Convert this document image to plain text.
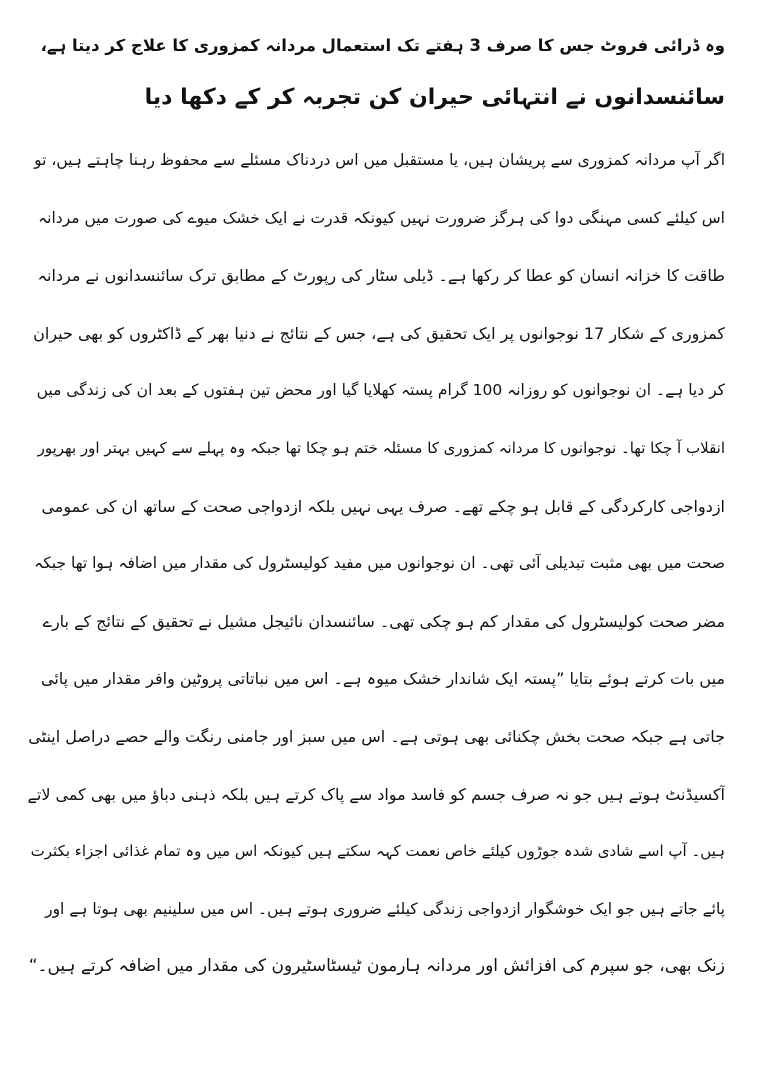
وہ ڈرائی فروٹ جس کا صرف 3 ہفتے تک استعمال مردانہ کمزوری کا علاج کر دیتا ہے،
سائنسدانوں نے انتہائی حیران کن تجربہ کر کے دکھا دیا
اگر آپ مردانہ کمزوری سے پریشان ہیں، یا مستقبل میں اس دردناک مسئلے سے محفوظ رہنا چاہتے ہیں، تو
اس کیلئے کسی مہنگی دوا کی ہرگز ضرورت نہیں کیونکہ قدرت نے ایک خشک میوے کی صورت میں مردانہ
طاقت کا خزانہ انسان کو عطا کر رکھا ہے۔ ڈیلی سٹار کی رپورٹ کے مطابق ترک سائنسدانوں نے مردانہ
کمزوری کے شکار 17 نوجوانوں پر ایک تحقیق کی ہے، جس کے نتائج نے دنیا بھر کے ڈاکٹروں کو بھی حیران
کر دیا ہے۔ ان نوجوانوں کو روزانہ 100 گرام پستہ کھلایا گیا اور محض تین ہفتوں کے بعد ان کی زندگی میں
انقلاب آ چکا تھا۔ نوجوانوں کا مردانہ کمزوری کا مسئلہ ختم ہو چکا تھا جبکہ وہ پہلے سے کہیں بہتر اور بھرپور
ازدواجی کارکردگی کے قابل ہو چکے تھے۔ صرف یہی نہیں بلکہ ازدواجی صحت کے ساتھ ان کی عمومی
صحت میں بھی مثبت تبدیلی آئی تھی۔ ان نوجوانوں میں مفید کولیسٹرول کی مقدار میں اضافہ ہوا تھا جبکہ
مضر صحت کولیسٹرول کی مقدار کم ہو چکی تھی۔ سائنسدان نائیجل مشیل نے تحقیق کے نتائج کے بارے
میں بات کرتے ہوئے بتایا ”پستہ ایک شاندار خشک میوہ ہے۔ اس میں نباتاتی پروٹین وافر مقدار میں پائی
جاتی ہے جبکہ صحت بخش چکنائی بھی ہوتی ہے۔ اس میں سبز اور جامنی رنگت والے حصے دراصل اینٹی
آکسیڈنٹ ہوتے ہیں جو نہ صرف جسم کو فاسد مواد سے پاک کرتے ہیں بلکہ ذہنی دباؤ میں بھی کمی لاتے
ہیں۔ آپ اسے شادی شدہ جوڑوں کیلئے خاص نعمت کہہ سکتے ہیں کیونکہ اس میں وہ تمام غذائی اجزاء بکثرت
پائے جاتے ہیں جو ایک خوشگوار ازدواجی زندگی کیلئے ضروری ہوتے ہیں۔ اس میں سلینیم بھی ہوتا ہے اور
زنک بھی، جو سپرم کی افزائش اور مردانہ ہارمون ٹیسٹاسٹیرون کی مقدار میں اضافہ کرتے ہیں۔“
